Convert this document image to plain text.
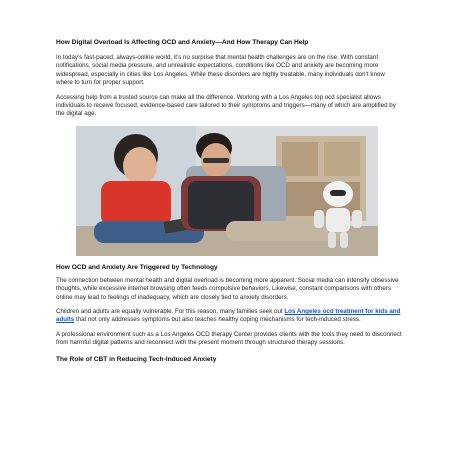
How Digital Overload Is Affecting OCD and Anxiety—And How Therapy Can Help

In today’s fast-paced, always-online world, it’s no surprise that mental health challenges are on the rise. With constant notifications, social media pressure, and unrealistic expectations, conditions like OCD and anxiety are becoming more widespread, especially in cities like Los Angeles. While these disorders are highly treatable, many individuals don’t know where to turn for proper support.

Accessing help from a trusted source can make all the difference. Working with a Los Angeles top ocd specialist allows individuals to receive focused, evidence-based care tailored to their symptoms and triggers—many of which are amplified by the digital age.

How OCD and Anxiety Are Triggered by Technology

The connection between mental health and digital overload is becoming more apparent. Social media can intensify obsessive thoughts, while excessive internet browsing often feeds compulsive behaviors. Likewise, constant comparisons with others online may lead to feelings of inadequacy, which are closely tied to anxiety disorders.

Children and adults are equally vulnerable. For this reason, many families seek out Los Angeles ocd treatment for kids and adults that not only addresses symptoms but also teaches healthy coping mechanisms for tech-induced stress.

A professional environment such as a Los Angeles OCD therapy Center provides clients with the tools they need to disconnect from harmful digital patterns and reconnect with the present moment through structured therapy sessions.

The Role of CBT in Reducing Tech-Induced Anxiety
